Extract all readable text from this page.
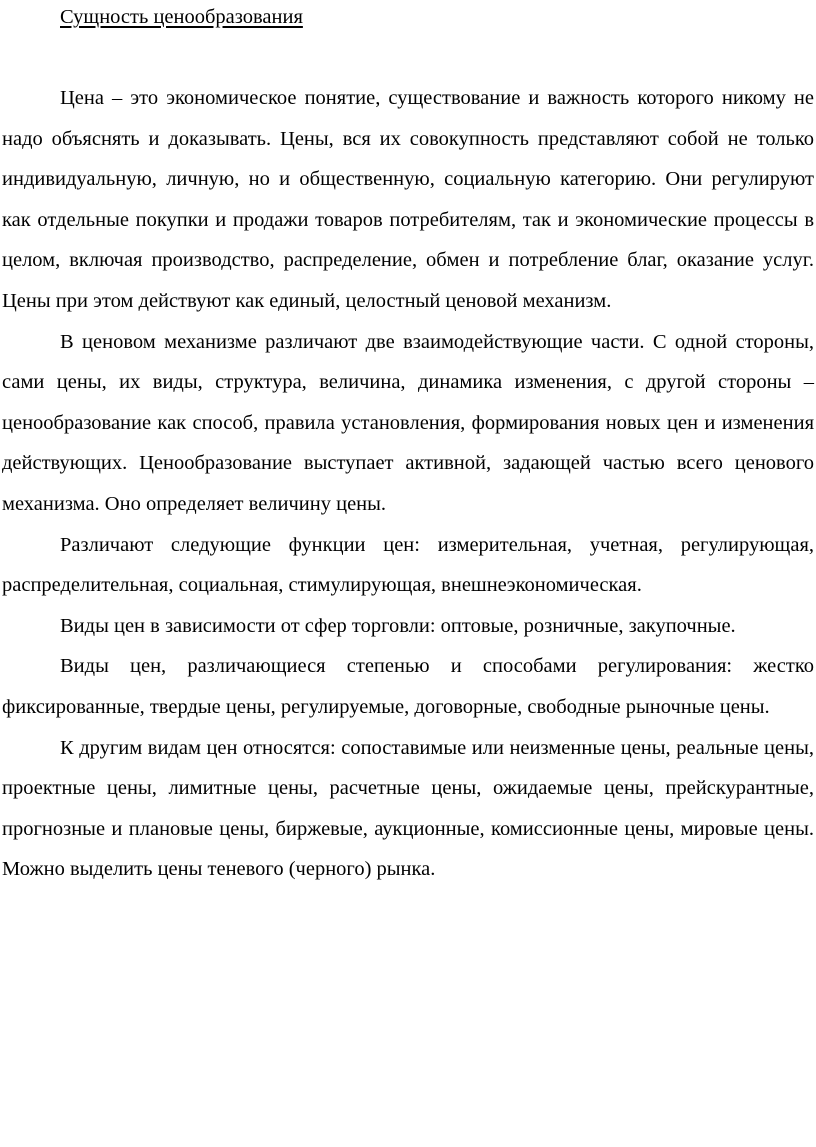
Сущность ценообразования

Цена – это экономическое понятие, существование и важность которого никому не надо объяснять и доказывать. Цены, вся их совокупность представляют собой не только индивидуальную, личную, но и общественную, социальную категорию. Они регулируют как отдельные покупки и продажи товаров потребителям, так и экономические процессы в целом, включая производство, распределение, обмен и потребление благ, оказание услуг. Цены при этом действуют как единый, целостный ценовой механизм.

В ценовом механизме различают две взаимодействующие части. С одной стороны, сами цены, их виды, структура, величина, динамика изменения, с другой стороны – ценообразование как способ, правила установления, формирования новых цен и изменения действующих. Ценообразование выступает активной, задающей частью всего ценового механизма. Оно определяет величину цены.

Различают следующие функции цен: измерительная, учетная, регулирующая, распределительная, социальная, стимулирующая, внешнеэкономическая.

Виды цен в зависимости от сфер торговли: оптовые, розничные, закупочные.

Виды цен, различающиеся степенью и способами регулирования: жестко фиксированные, твердые цены, регулируемые, договорные, свободные рыночные цены.

К другим видам цен относятся: сопоставимые или неизменные цены, реальные цены, проектные цены, лимитные цены, расчетные цены, ожидаемые цены, прейскурантные, прогнозные и плановые цены, биржевые, аукционные, комиссионные цены, мировые цены. Можно выделить цены теневого (черного) рынка.
